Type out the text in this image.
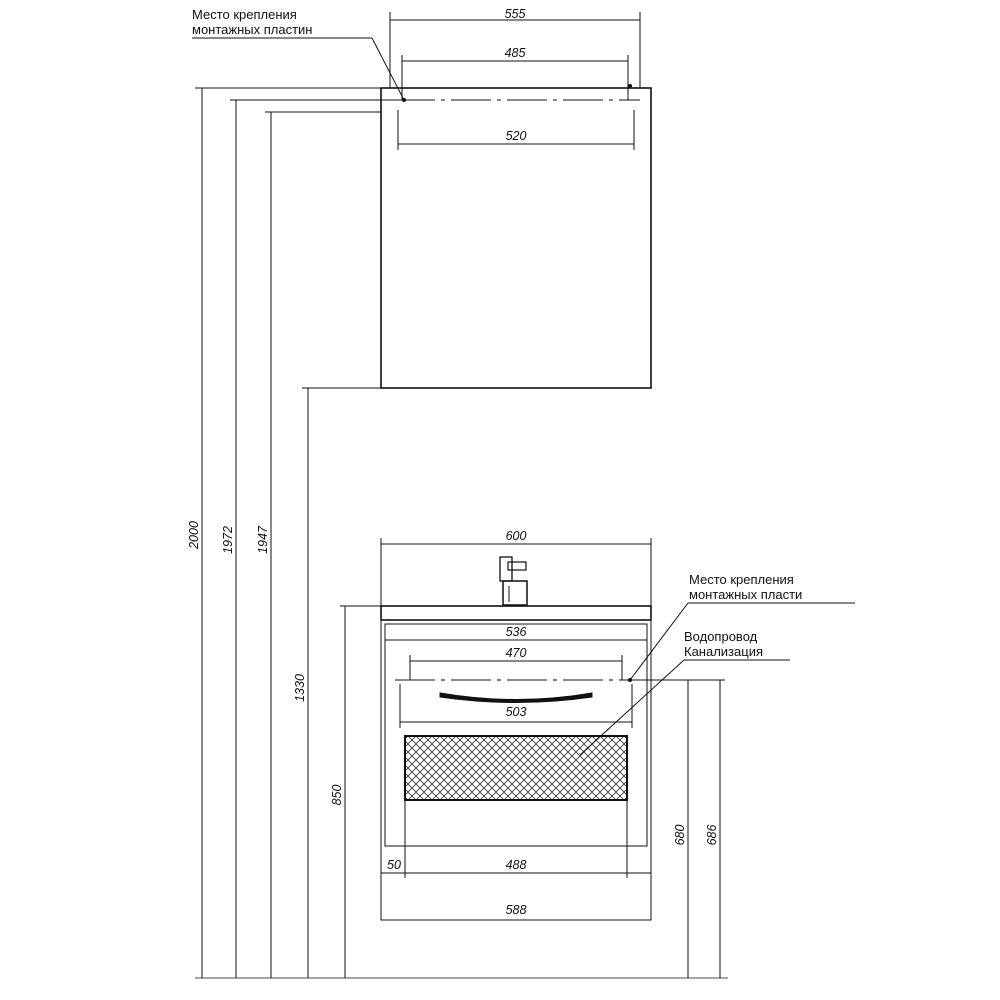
555
485
520
Место крепления
монтажных пластин
2000 1972 1947
1330
850
680 686
600
536
470
503
50	488
588
Место крепления
монтажных пласти
Водопровод
Канализация
